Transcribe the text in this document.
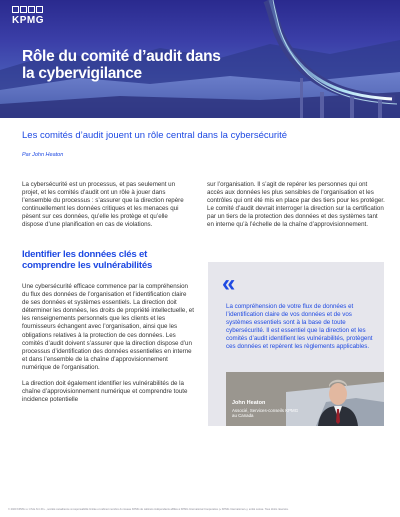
KPMG
Rôle du comité d’audit dans la cybervigilance
Les comités d’audit jouent un rôle central dans la cybersécurité
Par John Heaton

La cybersécurité est un processus, et pas seulement un projet, et les comités d’audit ont un rôle à jouer dans l’ensemble du processus : s’assurer que la direction repère continuellement les données critiques et les menaces qui pèsent sur ces données, qu’elle les protège et qu’elle dispose d’une planification en cas de violations.

sur l’organisation. Il s’agit de repérer les personnes qui ont accès aux données les plus sensibles de l’organisation et les contrôles qui ont été mis en place par des tiers pour les protéger. Le comité d’audit devrait interroger la direction sur la certification par un tiers de la protection des données et des systèmes tant en interne qu’à l’échelle de la chaîne d’approvisionnement.

Identifier les données clés et comprendre les vulnérabilités

Une cybersécurité efficace commence par la compréhension du flux des données de l’organisation et l’identification claire de ses données et systèmes essentiels. La direction doit déterminer les données, les droits de propriété intellectuelle, et les renseignements personnels que les clients et les fournisseurs échangent avec l’organisation, ainsi que les obligations relatives à la protection de ces données. Les comités d’audit doivent s’assurer que la direction dispose d’un processus d’identification des données essentielles en interne et dans l’ensemble de la chaîne d’approvisionnement numérique de l’organisation.

La direction doit également identifier les vulnérabilités de la chaîne d’approvisionnement numérique et comprendre toute incidence potentielle

«
La compréhension de votre flux de données et l’identification claire de vos données et de vos systèmes essentiels sont à la base de toute cybersécurité. Il est essentiel que la direction et les comités d’audit identifient les vulnérabilités, protègent ces données et repèrent les règlements applicables.
John Heaton
Associé, Services-conseils KPMG au Canada
© 2020 KPMG s.r.l./S.E.N.C.R.L., société canadienne à responsabilité limitée et cabinet membre du réseau KPMG de cabinets indépendants affiliés à KPMG International Cooperative (« KPMG International »), entité suisse. Tous droits réservés.
